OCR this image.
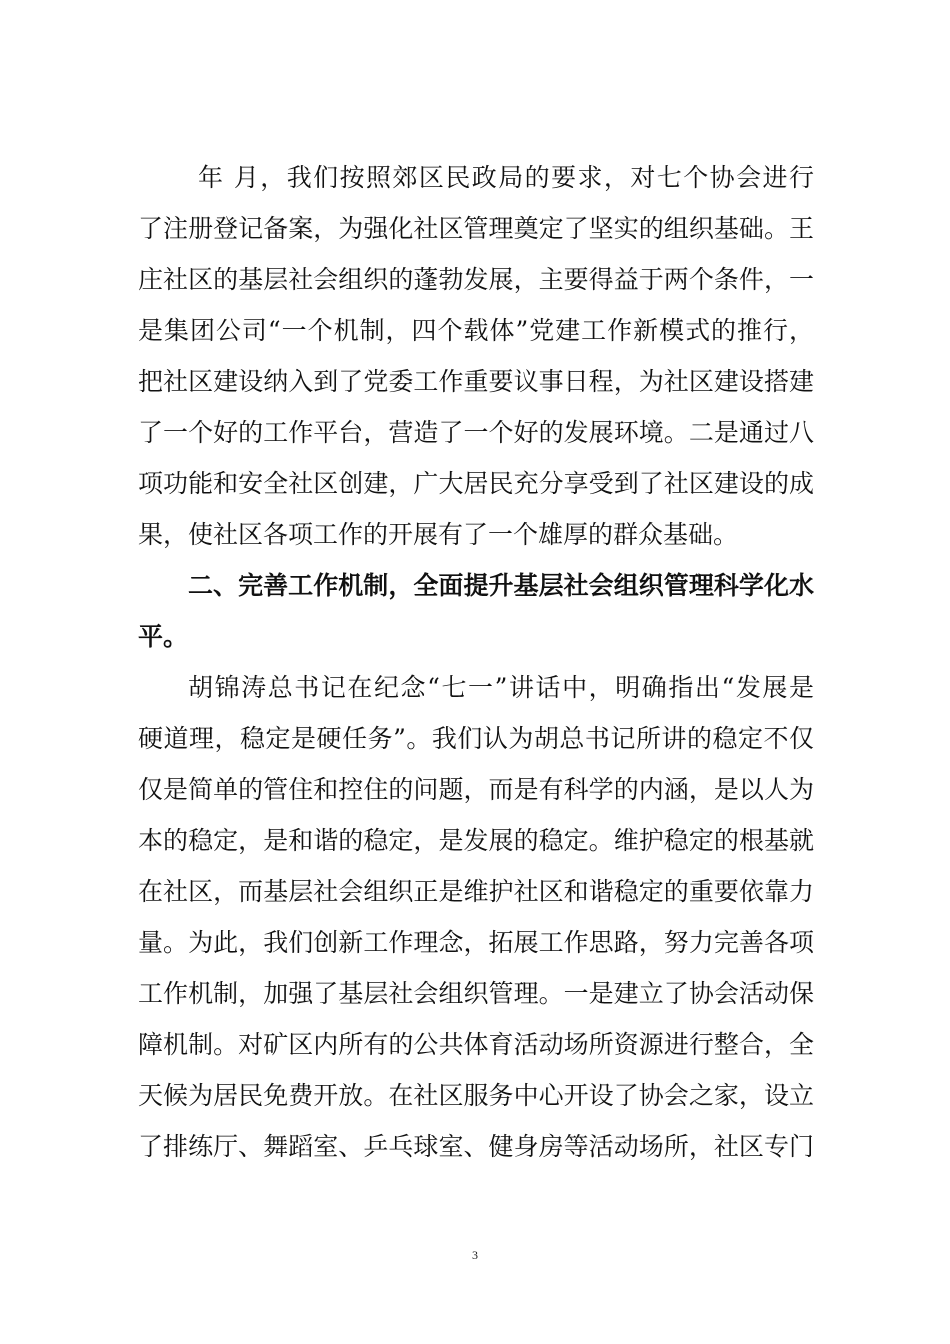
年 月，我们按照郊区民政局的要求，对七个协会进行
了注册登记备案，为强化社区管理奠定了坚实的组织基础。王
庄社区的基层社会组织的蓬勃发展，主要得益于两个条件，一
是集团公司“一个机制，四个载体”党建工作新模式的推行，
把社区建设纳入到了党委工作重要议事日程，为社区建设搭建
了一个好的工作平台，营造了一个好的发展环境。二是通过八
项功能和安全社区创建，广大居民充分享受到了社区建设的成
果，使社区各项工作的开展有了一个雄厚的群众基础。
二、完善工作机制，全面提升基层社会组织管理科学化水
平。
胡锦涛总书记在纪念“七一”讲话中，明确指出“发展是
硬道理，稳定是硬任务”。我们认为胡总书记所讲的稳定不仅
仅是简单的管住和控住的问题，而是有科学的内涵，是以人为
本的稳定，是和谐的稳定，是发展的稳定。维护稳定的根基就
在社区，而基层社会组织正是维护社区和谐稳定的重要依靠力
量。为此，我们创新工作理念，拓展工作思路，努力完善各项
工作机制，加强了基层社会组织管理。一是建立了协会活动保
障机制。对矿区内所有的公共体育活动场所资源进行整合，全
天候为居民免费开放。在社区服务中心开设了协会之家，设立
了排练厅、舞蹈室、乒乓球室、健身房等活动场所，社区专门
3
